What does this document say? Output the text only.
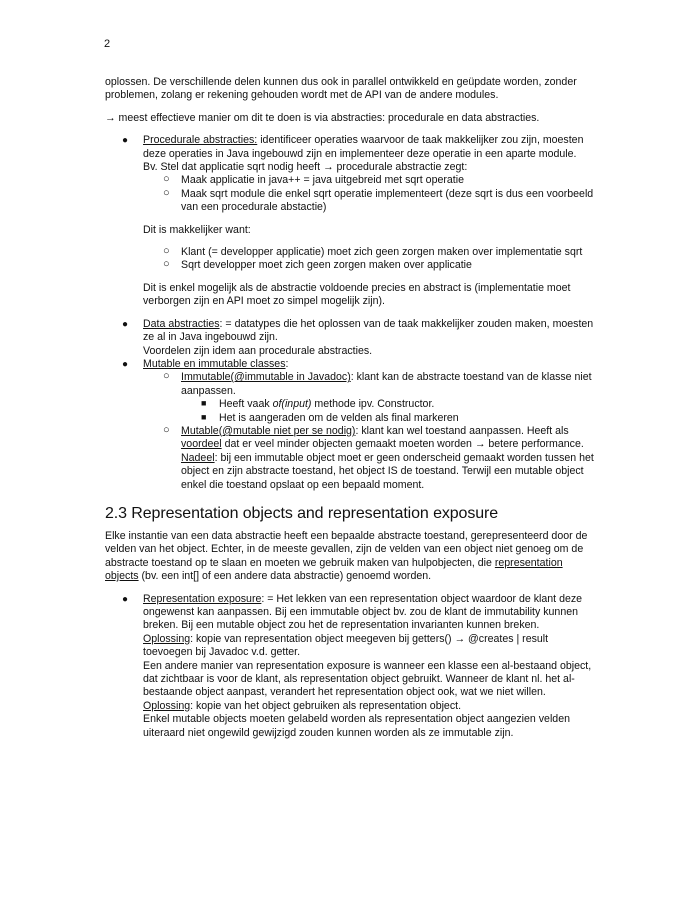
2

oplossen. De verschillende delen kunnen dus ook in parallel ontwikkeld en geüpdate worden, zonder problemen, zolang er rekening gehouden wordt met de API van de andere modules.

→ meest effectieve manier om dit te doen is via abstracties: procedurale en data abstracties.

● Procedurale abstracties: identificeer operaties waarvoor de taak makkelijker zou zijn, moesten deze operaties in Java ingebouwd zijn en implementeer deze operatie in een aparte module.

Bv. Stel dat applicatie sqrt nodig heeft → procedurale abstractie zegt:

○ Maak applicatie in java++ = java uitgebreid met sqrt operatie
○ Maak sqrt module die enkel sqrt operatie implementeert (deze sqrt is dus een voorbeeld van een procedurale abstactie)

Dit is makkelijker want:

○ Klant (= developper applicatie) moet zich geen zorgen maken over implementatie sqrt
○ Sqrt developper moet zich geen zorgen maken over applicatie

Dit is enkel mogelijk als de abstractie voldoende precies en abstract is (implementatie moet verborgen zijn en API moet zo simpel mogelijk zijn).

● Data abstracties: = datatypes die het oplossen van de taak makkelijker zouden maken, moesten ze al in Java ingebouwd zijn.

Voordelen zijn idem aan procedurale abstracties.

● Mutable en immutable classes:

○ Immutable(@immutable in Javadoc): klant kan de abstracte toestand van de klasse niet aanpassen.
■ Heeft vaak of(input) methode ipv. Constructor.
■ Het is aangeraden om de velden als final markeren
○ Mutable(@mutable niet per se nodig): klant kan wel toestand aanpassen. Heeft als voordeel dat er veel minder objecten gemaakt moeten worden → betere performance.
Nadeel: bij een immutable object moet er geen onderscheid gemaakt worden tussen het object en zijn abstracte toestand, het object IS de toestand. Terwijl een mutable object enkel die toestand opslaat op een bepaald moment.
2.3 Representation objects and representation exposure

Elke instantie van een data abstractie heeft een bepaalde abstracte toestand, gerepresenteerd door de velden van het object. Echter, in de meeste gevallen, zijn de velden van een object niet genoeg om de abstracte toestand op te slaan en moeten we gebruik maken van hulpobjecten, die representation objects (bv. een int[] of een andere data abstractie) genoemd worden.

● Representation exposure: = Het lekken van een representation object waardoor de klant deze ongewenst kan aanpassen. Bij een immutable object bv. zou de klant de immutability kunnen breken. Bij een mutable object zou het de representation invarianten kunnen breken.

Oplossing: kopie van representation object meegeven bij getters() → @creates | result toevoegen bij Javadoc v.d. getter.

Een andere manier van representation exposure is wanneer een klasse een al-bestaand object, dat zichtbaar is voor de klant, als representation object gebruikt. Wanneer de klant nl. het al-bestaande object aanpast, verandert het representation object ook, wat we niet willen.

Oplossing: kopie van het object gebruiken als representation object.

Enkel mutable objects moeten gelabeld worden als representation object aangezien velden uiteraard niet ongewild gewijzigd zouden kunnen worden als ze immutable zijn.
